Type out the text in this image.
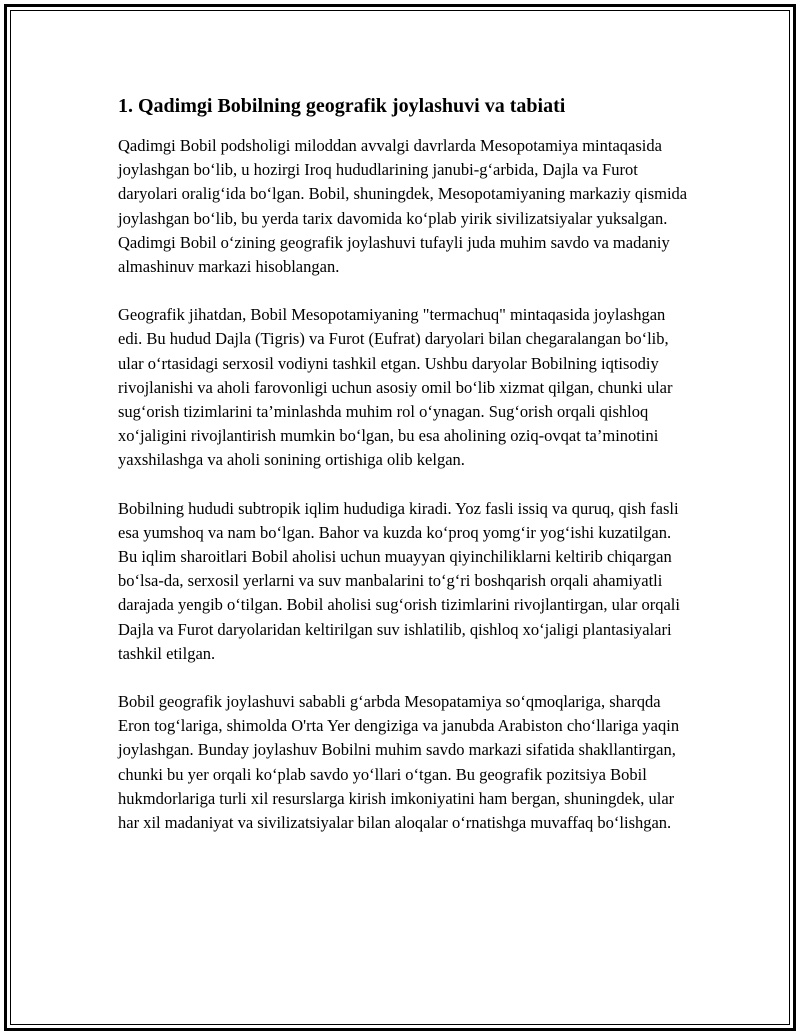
1. Qadimgi Bobilning geografik joylashuvi va tabiati

Qadimgi Bobil podsholigi miloddan avvalgi davrlarda Mesopotamiya mintaqasida joylashgan bo‘lib, u hozirgi Iroq hududlarining janubi-g‘arbida, Dajla va Furot daryolari oralig‘ida bo‘lgan. Bobil, shuningdek, Mesopotamiyaning markaziy qismida joylashgan bo‘lib, bu yerda tarix davomida ko‘plab yirik sivilizatsiyalar yuksalgan. Qadimgi Bobil o‘zining geografik joylashuvi tufayli juda muhim savdo va madaniy almashinuv markazi hisoblangan.

Geografik jihatdan, Bobil Mesopotamiyaning "termachuq" mintaqasida joylashgan edi. Bu hudud Dajla (Tigris) va Furot (Eufrat) daryolari bilan chegaralangan bo‘lib, ular o‘rtasidagi serxosil vodiyni tashkil etgan. Ushbu daryolar Bobilning iqtisodiy rivojlanishi va aholi farovonligi uchun asosiy omil bo‘lib xizmat qilgan, chunki ular sug‘orish tizimlarini ta’minlashda muhim rol o‘ynagan. Sug‘orish orqali qishloq xo‘jaligini rivojlantirish mumkin bo‘lgan, bu esa aholining oziq-ovqat ta’minotini yaxshilashga va aholi sonining ortishiga olib kelgan.

Bobilning hududi subtropik iqlim hududiga kiradi. Yoz fasli issiq va quruq, qish fasli esa yumshoq va nam bo‘lgan. Bahor va kuzda ko‘proq yomg‘ir yog‘ishi kuzatilgan. Bu iqlim sharoitlari Bobil aholisi uchun muayyan qiyinchiliklarni keltirib chiqargan bo‘lsa-da, serxosil yerlarni va suv manbalarini to‘g‘ri boshqarish orqali ahamiyatli darajada yengib o‘tilgan. Bobil aholisi sug‘orish tizimlarini rivojlantirgan, ular orqali Dajla va Furot daryolaridan keltirilgan suv ishlatilib, qishloq xo‘jaligi plantasiyalari tashkil etilgan.

Bobil geografik joylashuvi sababli g‘arbda Mesopatamiya so‘qmoqlariga, sharqda Eron tog‘lariga, shimolda O'rta Yer dengiziga va janubda Arabiston cho‘llariga yaqin joylashgan. Bunday joylashuv Bobilni muhim savdo markazi sifatida shakllantirgan, chunki bu yer orqali ko‘plab savdo yo‘llari o‘tgan. Bu geografik pozitsiya Bobil hukmdorlariga turli xil resurslarga kirish imkoniyatini ham bergan, shuningdek, ular har xil madaniyat va sivilizatsiyalar bilan aloqalar o‘rnatishga muvaffaq bo‘lishgan.
